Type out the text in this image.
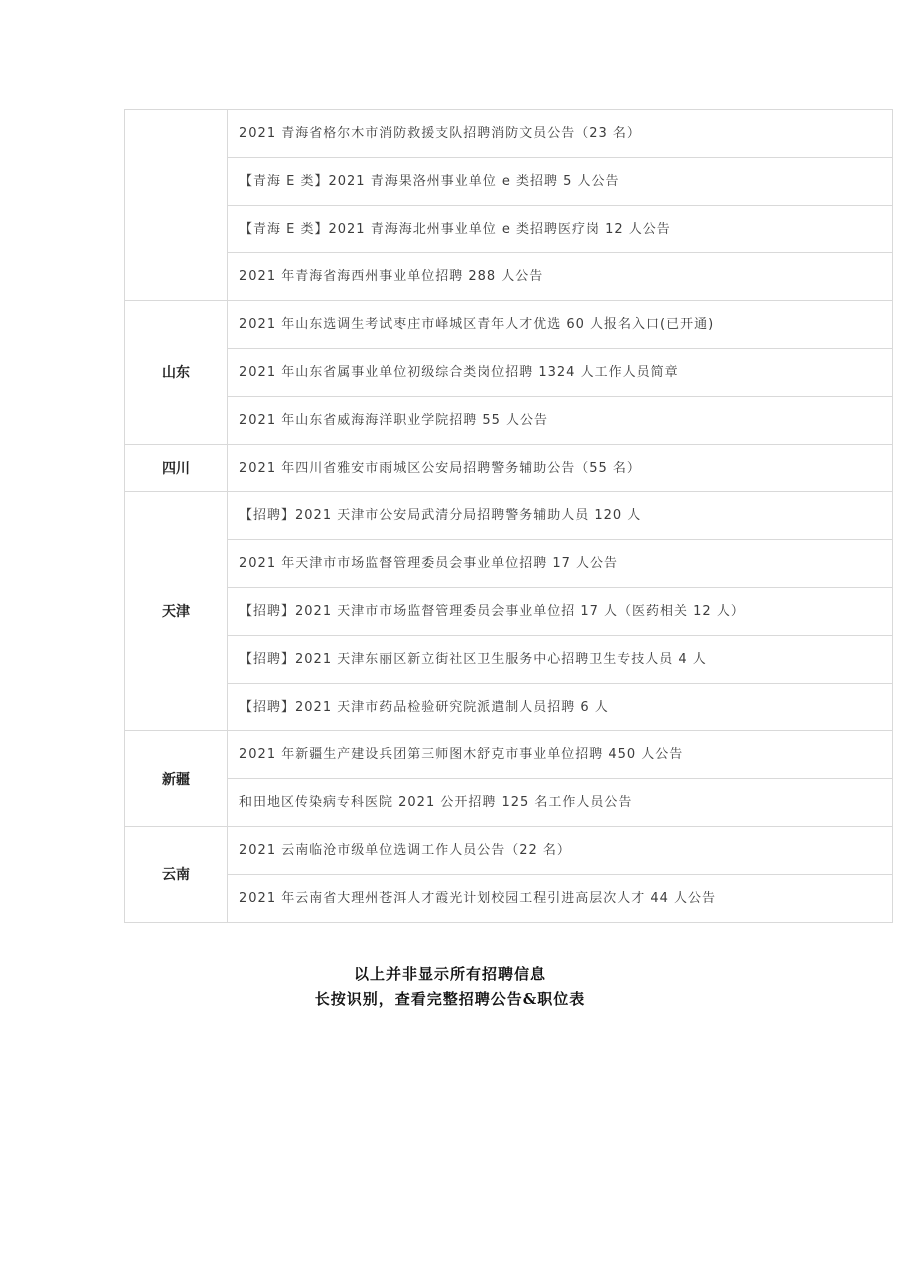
	2021 青海省格尔木市消防救援支队招聘消防文员公告（23 名）
	【青海 E 类】2021 青海果洛州事业单位 e 类招聘 5 人公告
	【青海 E 类】2021 青海海北州事业单位 e 类招聘医疗岗 12 人公告
	2021 年青海省海西州事业单位招聘 288 人公告
山东	2021 年山东选调生考试枣庄市峄城区青年人才优选 60 人报名入口(已开通)
	2021 年山东省属事业单位初级综合类岗位招聘 1324 人工作人员简章
	2021 年山东省威海海洋职业学院招聘 55 人公告
四川	2021 年四川省雅安市雨城区公安局招聘警务辅助公告（55 名）
天津	【招聘】2021 天津市公安局武清分局招聘警务辅助人员 120 人
	2021 年天津市市场监督管理委员会事业单位招聘 17 人公告
	【招聘】2021 天津市市场监督管理委员会事业单位招 17 人（医药相关 12 人）
	【招聘】2021 天津东丽区新立街社区卫生服务中心招聘卫生专技人员 4 人
	【招聘】2021 天津市药品检验研究院派遣制人员招聘 6 人
新疆	2021 年新疆生产建设兵团第三师图木舒克市事业单位招聘 450 人公告
	和田地区传染病专科医院 2021 公开招聘 125 名工作人员公告
云南	2021 云南临沧市级单位选调工作人员公告（22 名）
	2021 年云南省大理州苍洱人才霞光计划校园工程引进高层次人才 44 人公告
以上并非显示所有招聘信息
长按识别，查看完整招聘公告&职位表
